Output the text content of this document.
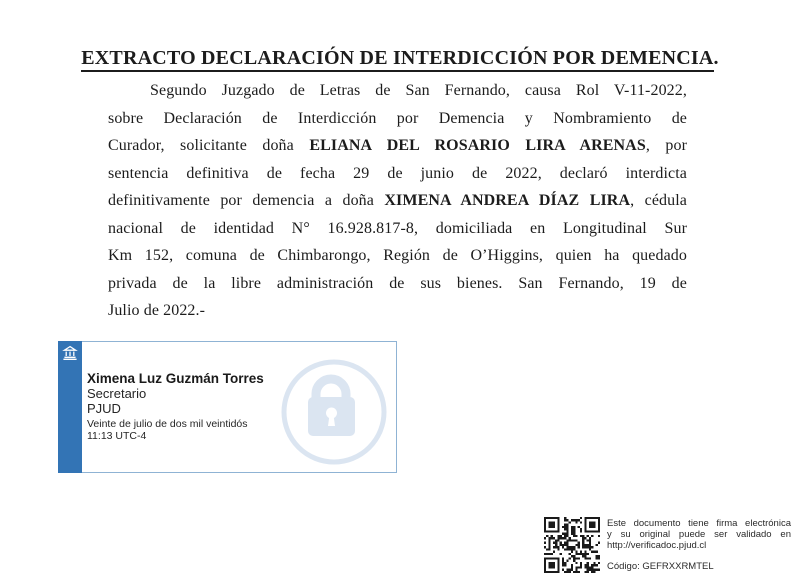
EXTRACTO DECLARACIÓN DE INTERDICCIÓN POR DEMENCIA.
Segundo Juzgado de Letras de San Fernando, causa Rol V-11-2022,
sobre Declaración de Interdicción por Demencia y Nombramiento de
Curador, solicitante doña ELIANA DEL ROSARIO LIRA ARENAS, por
sentencia definitiva de fecha 29 de junio de 2022, declaró interdicta
definitivamente por demencia a doña XIMENA ANDREA DÍAZ LIRA, cédula
nacional de identidad N° 16.928.817-8, domiciliada en Longitudinal Sur
Km 152, comuna de Chimbarongo, Región de O’Higgins, quien ha quedado
privada de la libre administración de sus bienes. San Fernando, 19 de
Julio de 2022.-
Ximena Luz Guzmán Torres
Secretario
PJUD
Veinte de julio de dos mil veintidós
11:13 UTC-4
Este documento tiene firma electrónica
y su original puede ser validado en
http://verificadoc.pjud.cl
Código: GEFRXXRMTEL
